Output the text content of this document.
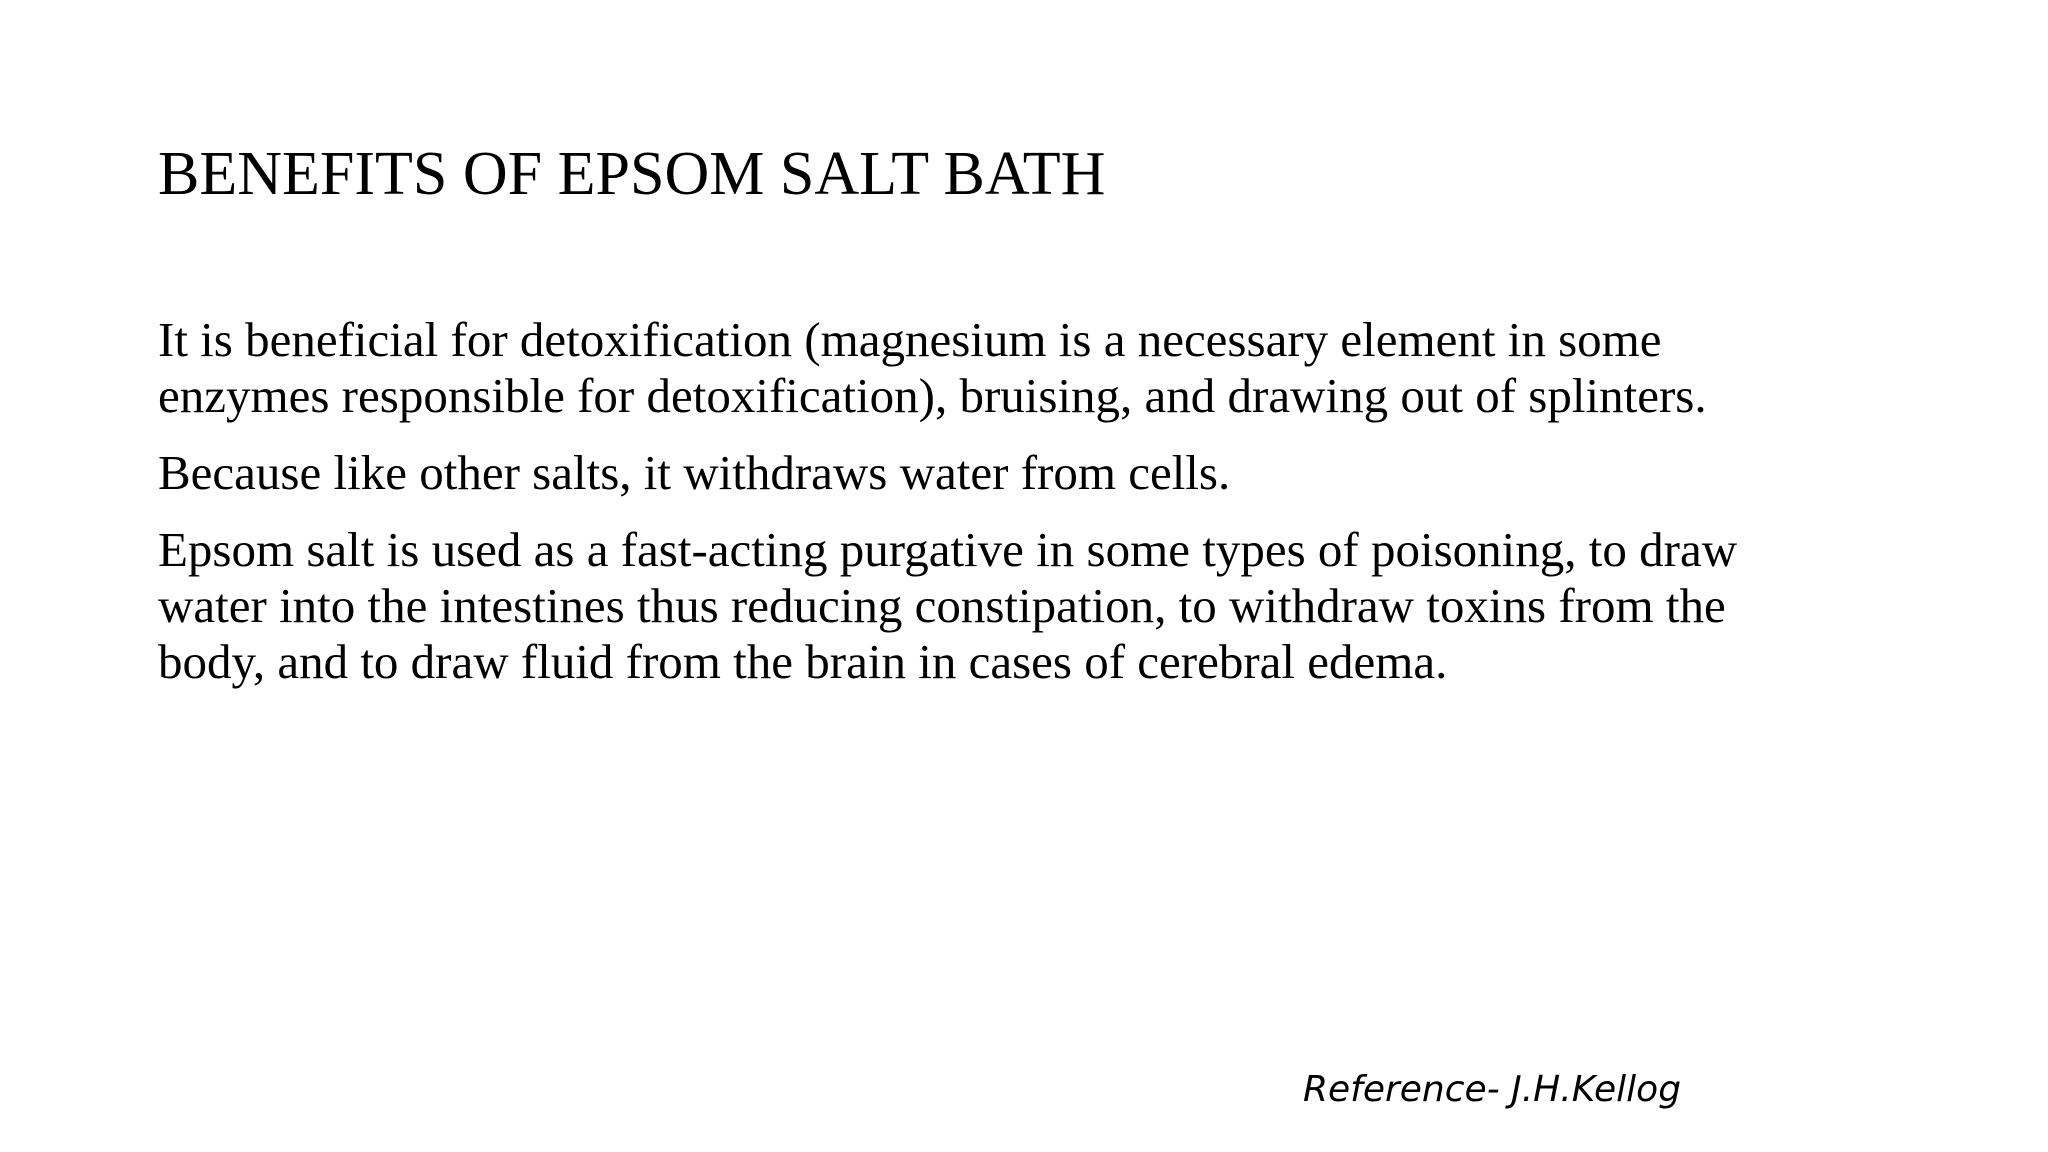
BENEFITS OF EPSOM SALT BATH

It is beneficial for detoxification (magnesium is a necessary element in some
enzymes responsible for detoxification), bruising, and drawing out of splinters.

Because like other salts, it withdraws water from cells.

Epsom salt is used as a fast-acting purgative in some types of poisoning, to draw
water into the intestines thus reducing constipation, to withdraw toxins from the
body, and to draw fluid from the brain in cases of cerebral edema.

Reference- J.H.Kellog
